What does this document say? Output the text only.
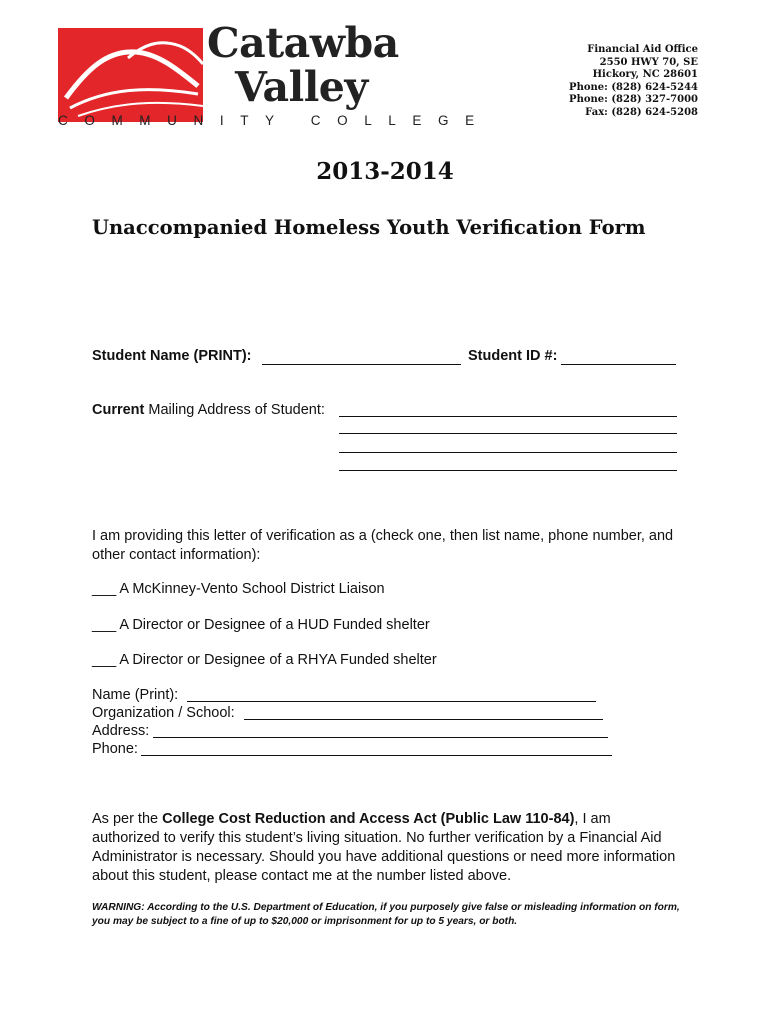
Catawba
Valley
COMMUNITY COLLEGE
Financial Aid Office
2550 HWY 70, SE
Hickory, NC 28601
Phone: (828) 624-5244
Phone: (828) 327-7000
Fax: (828) 624-5208
2013-2014
Unaccompanied Homeless Youth Verification Form
Student Name (PRINT):	Student ID #:
Current Mailing Address of Student:
I am providing this letter of verification as a (check one, then list name, phone number, and other contact information):
___ A McKinney-Vento School District Liaison
___ A Director or Designee of a HUD Funded shelter
___ A Director or Designee of a RHYA Funded shelter
Name (Print):
Organization / School:
Address:
Phone:
As per the College Cost Reduction and Access Act (Public Law 110-84), I am authorized to verify this student’s living situation. No further verification by a Financial Aid Administrator is necessary. Should you have additional questions or need more information about this student, please contact me at the number listed above.
WARNING: According to the U.S. Department of Education, if you purposely give false or misleading information on form, you may be subject to a fine of up to $20,000 or imprisonment for up to 5 years, or both.
